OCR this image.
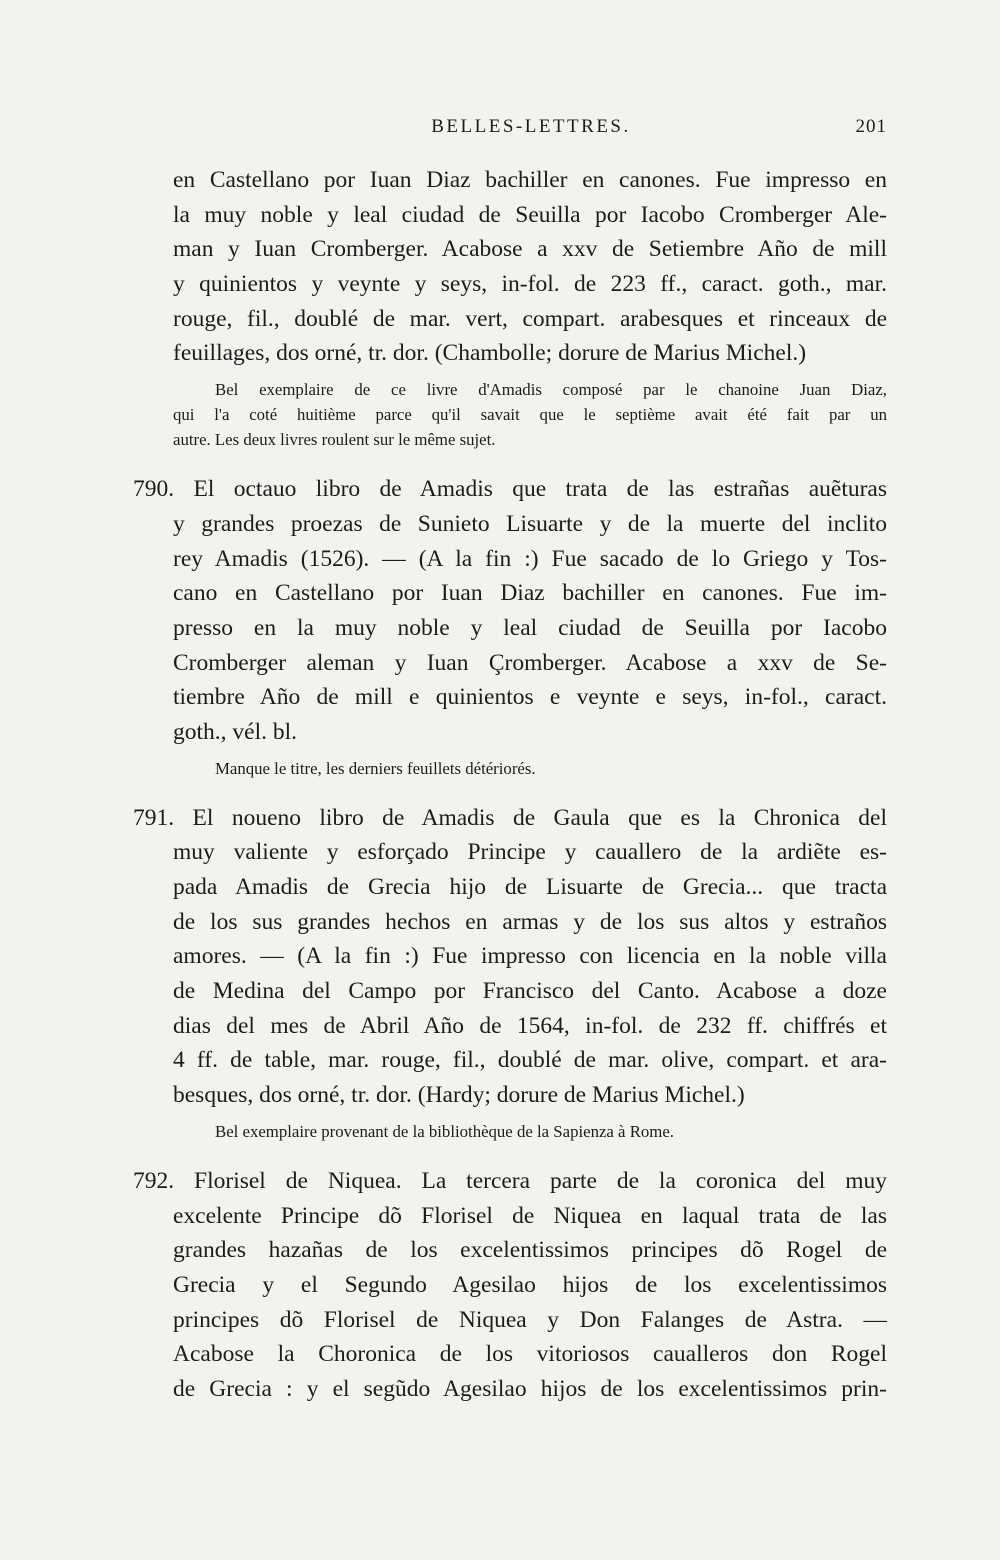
BELLES-LETTRES.	201
en Castellano por Iuan Diaz bachiller en canones. Fue impresso en
la muy noble y leal ciudad de Seuilla por Iacobo Cromberger Ale-
man y Iuan Cromberger. Acabose a xxv de Setiembre Año de mill
y quinientos y veynte y seys, in-fol. de 223 ff., caract. goth., mar.
rouge, fil., doublé de mar. vert, compart. arabesques et rinceaux de
feuillages, dos orné, tr. dor. (Chambolle; dorure de Marius Michel.)
Bel exemplaire de ce livre d'Amadis composé par le chanoine Juan Diaz,
qui l'a coté huitième parce qu'il savait que le septième avait été fait par un
autre. Les deux livres roulent sur le même sujet.
790. El octauo libro de Amadis que trata de las estrañas auẽturas
y grandes proezas de Sunieto Lisuarte y de la muerte del inclito
rey Amadis (1526). — (A la fin :) Fue sacado de lo Griego y Tos-
cano en Castellano por Iuan Diaz bachiller en canones. Fue im-
presso en la muy noble y leal ciudad de Seuilla por Iacobo
Cromberger aleman y Iuan Çromberger. Acabose a xxv de Se-
tiembre Año de mill e quinientos e veynte e seys, in-fol., caract.
goth., vél. bl.
Manque le titre, les derniers feuillets détériorés.
791. El noueno libro de Amadis de Gaula que es la Chronica del
muy valiente y esforçado Principe y cauallero de la ardiẽte es-
pada Amadis de Grecia hijo de Lisuarte de Grecia... que tracta
de los sus grandes hechos en armas y de los sus altos y estraños
amores. — (A la fin :) Fue impresso con licencia en la noble villa
de Medina del Campo por Francisco del Canto. Acabose a doze
dias del mes de Abril Año de 1564, in-fol. de 232 ff. chiffrés et
4 ff. de table, mar. rouge, fil., doublé de mar. olive, compart. et ara-
besques, dos orné, tr. dor. (Hardy; dorure de Marius Michel.)
Bel exemplaire provenant de la bibliothèque de la Sapienza à Rome.
792. Florisel de Niquea. La tercera parte de la coronica del muy
excelente Principe dõ Florisel de Niquea en laqual trata de las
grandes hazañas de los excelentissimos principes dõ Rogel de
Grecia y el Segundo Agesilao hijos de los excelentissimos
principes dõ Florisel de Niquea y Don Falanges de Astra. —
Acabose la Choronica de los vitoriosos caualleros don Rogel
de Grecia : y el segũdo Agesilao hijos de los excelentissimos prin-
